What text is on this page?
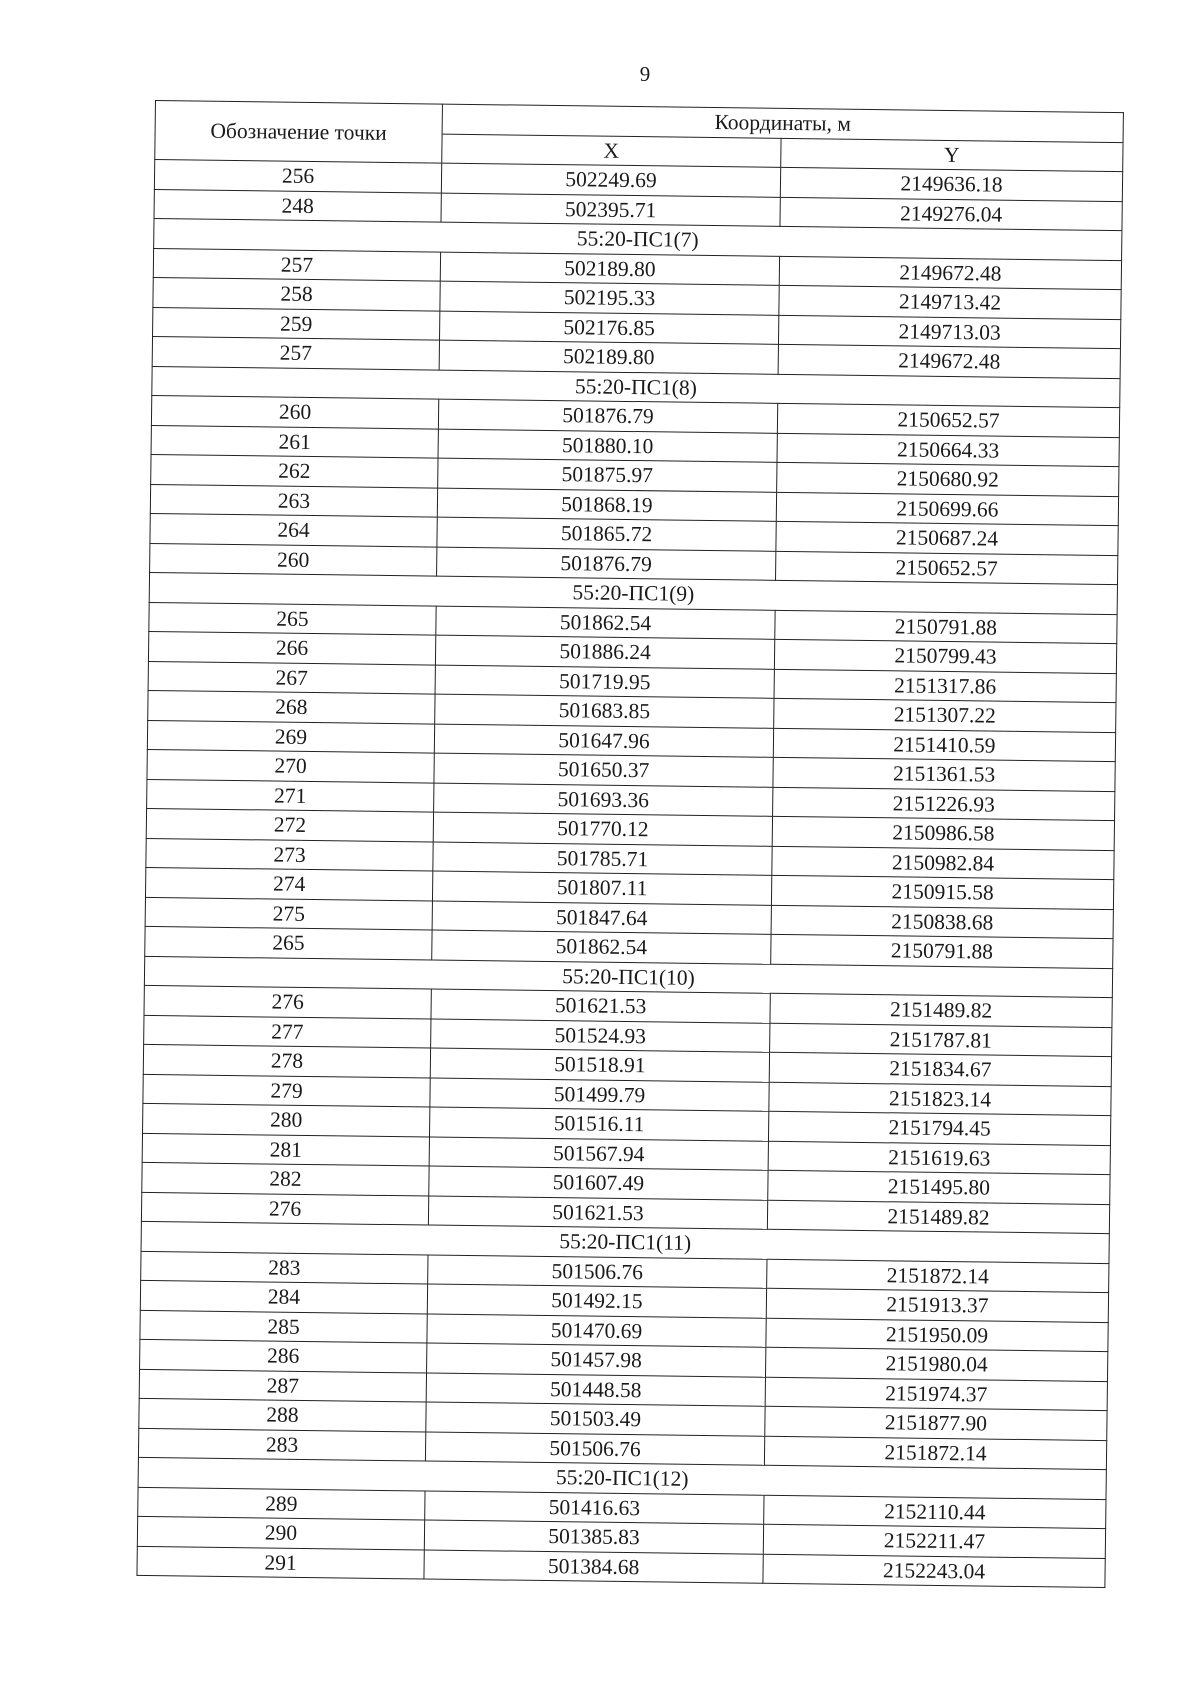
9
Обозначение точки	Координаты, м	
	X	Y
256	502249.69	2149636.18
248	502395.71	2149276.04
55:20-ПС1(7)		
257	502189.80	2149672.48
258	502195.33	2149713.42
259	502176.85	2149713.03
257	502189.80	2149672.48
55:20-ПС1(8)		
260	501876.79	2150652.57
261	501880.10	2150664.33
262	501875.97	2150680.92
263	501868.19	2150699.66
264	501865.72	2150687.24
260	501876.79	2150652.57
55:20-ПС1(9)		
265	501862.54	2150791.88
266	501886.24	2150799.43
267	501719.95	2151317.86
268	501683.85	2151307.22
269	501647.96	2151410.59
270	501650.37	2151361.53
271	501693.36	2151226.93
272	501770.12	2150986.58
273	501785.71	2150982.84
274	501807.11	2150915.58
275	501847.64	2150838.68
265	501862.54	2150791.88
55:20-ПС1(10)		
276	501621.53	2151489.82
277	501524.93	2151787.81
278	501518.91	2151834.67
279	501499.79	2151823.14
280	501516.11	2151794.45
281	501567.94	2151619.63
282	501607.49	2151495.80
276	501621.53	2151489.82
55:20-ПС1(11)		
283	501506.76	2151872.14
284	501492.15	2151913.37
285	501470.69	2151950.09
286	501457.98	2151980.04
287	501448.58	2151974.37
288	501503.49	2151877.90
283	501506.76	2151872.14
55:20-ПС1(12)		
289	501416.63	2152110.44
290	501385.83	2152211.47
291	501384.68	2152243.04
